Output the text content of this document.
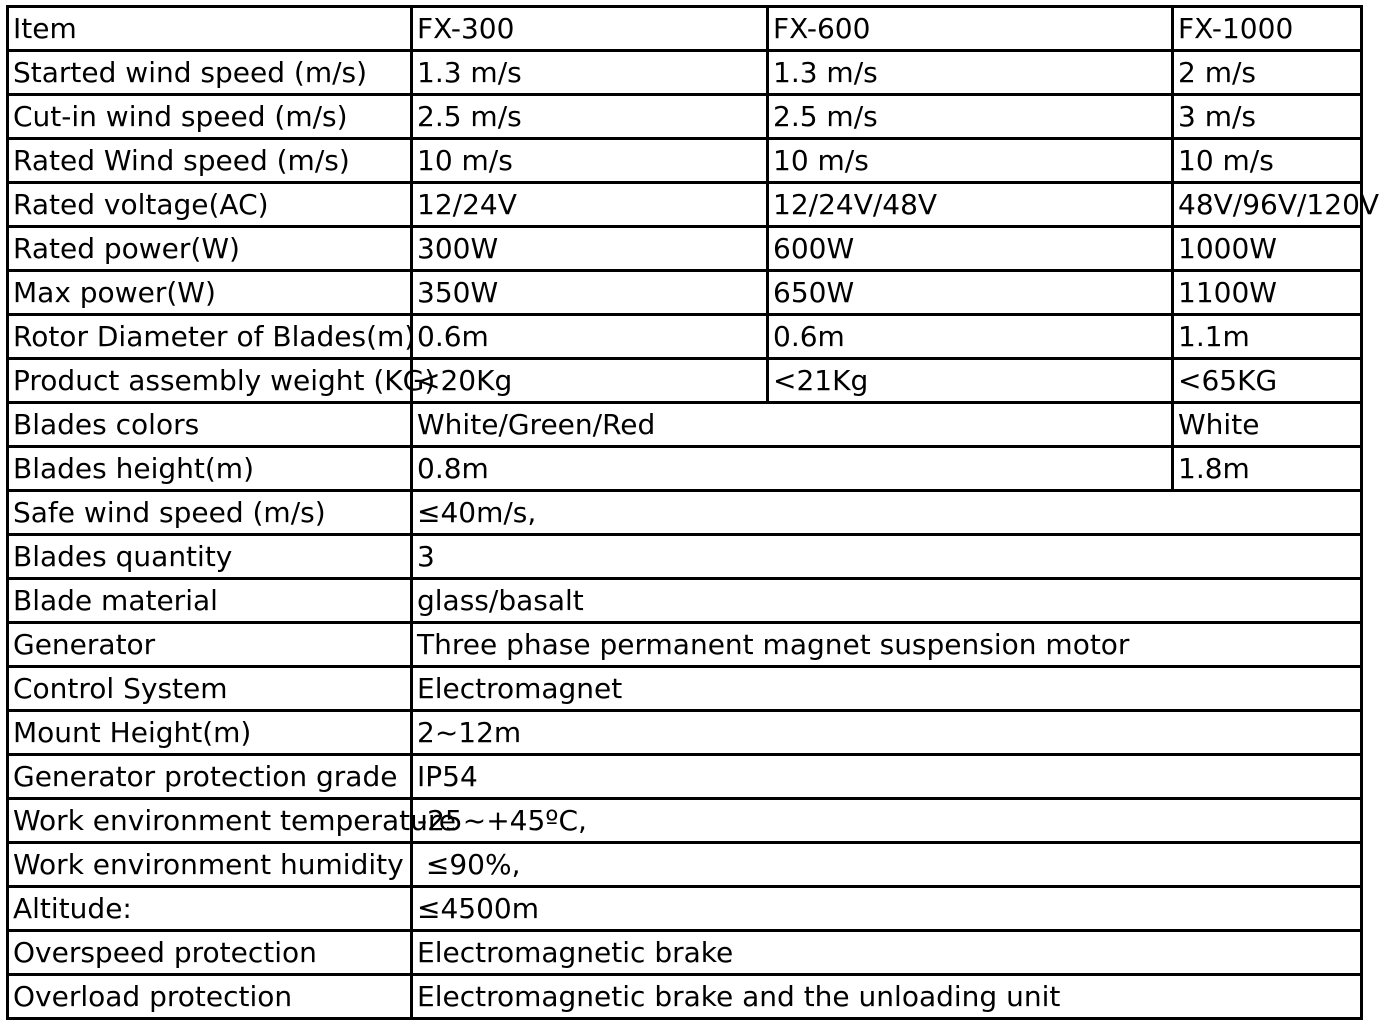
Item	FX-300	FX-600	FX-1000
Started wind speed (m/s)	1.3 m/s	1.3 m/s	2 m/s
Cut-in wind speed (m/s)	2.5 m/s	2.5 m/s	3 m/s
Rated Wind speed (m/s)	10 m/s	10 m/s	10 m/s
Rated voltage(AC)	12/24V	12/24V/48V	48V/96V/120V
Rated power(W)	300W	600W	1000W
Max power(W)	350W	650W	1100W
Rotor Diameter of Blades(m)	0.6m	0.6m	1.1m
Product assembly weight (KG)	<20Kg	<21Kg	<65KG
Blades colors	White/Green/Red		White
Blades height(m)	0.8m		1.8m
Safe wind speed (m/s)	≤40m/s,		
Blades quantity	3		
Blade material	glass/basalt		
Generator	Three phase permanent magnet suspension motor		
Control System	Electromagnet		
Mount Height(m)	2~12m		
Generator protection grade	IP54		
Work environment temperature	-25~+45ºC,		
Work environment humidity	≤90%,		
Altitude:	≤4500m		
Overspeed protection	Electromagnetic brake		
Overload protection	Electromagnetic brake and the unloading unit		
